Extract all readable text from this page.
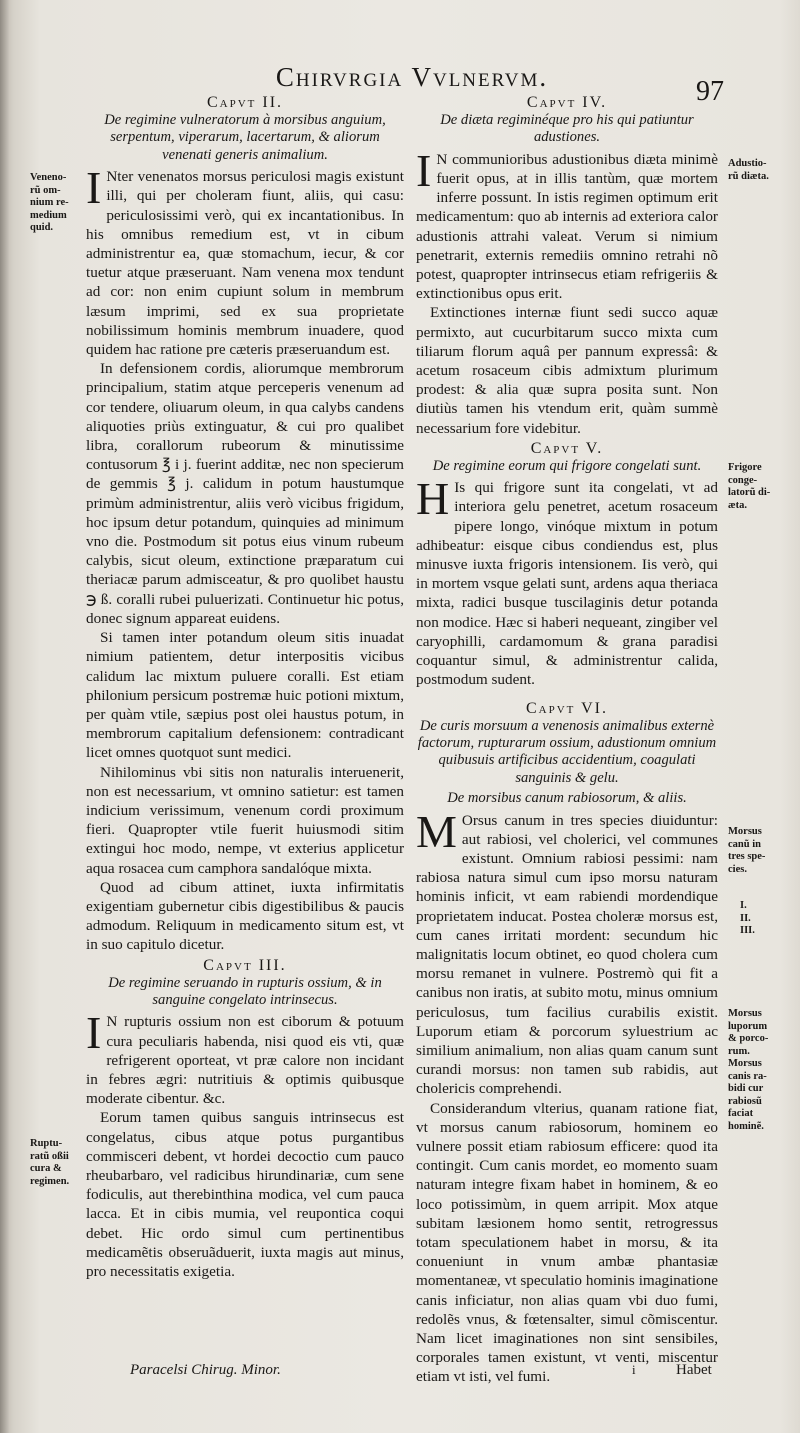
Chirvrgia Vvlnervm.	97

Capvt II.

De regimine vulneratorum à morsibus anguium, serpentum, viperarum, lacertarum, & aliorum venenati generis animalium.

I Nter venenatos morsus periculosi magis existunt illi, qui per choleram fiunt, aliis, qui casu: periculosissimi verò, qui ex incantationibus. In his omnibus remedium est, vt in cibum administrentur ea, quæ stomachum, iecur, & cor tuetur atque præseruant. Nam venena mox tendunt ad cor: non enim cupiunt solum in membrum læsum imprimi, sed ex sua proprietate nobilissimum hominis membrum inuadere, quod quidem hac ratione pre cæteris præseruandum est.

In defensionem cordis, aliorumque membrorum principalium, statim atque perceperis venenum ad cor tendere, oliuarum oleum, in qua calybs candens aliquoties priùs extinguatur, & cui pro qualibet libra, corallorum rubeorum & minutissime contusorum ℥ i j. fuerint additæ, nec non specierum de gemmis ℥ j. calidum in potum haustumque primùm administrentur, aliis verò vicibus frigidum, hoc ipsum detur potandum, quinquies ad minimum vno die. Postmodum sit potus eius vinum rubeum calybis, sicut oleum, extinctione præparatum cui theriacæ parum admisceatur, & pro quolibet haustu ℈ ß. coralli rubei puluerizati. Continuetur hic potus, donec signum appareat euidens.

Si tamen inter potandum oleum sitis inuadat nimium patientem, detur interpositis vicibus calidum lac mixtum puluere coralli. Est etiam philonium persicum postremæ huic potioni mixtum, per quàm vtile, sæpius post olei haustus potum, in membrorum capitalium defensionem: contradicant licet omnes quotquot sunt medici.

Nihilominus vbi sitis non naturalis interuenerit, non est necessarium, vt omnino satietur: est tamen indicium verissimum, venenum cordi proximum fieri. Quapropter vtile fuerit huiusmodi sitim extingui hoc modo, nempe, vt exterius applicetur aqua rosacea cum camphora sandalóque mixta.

Quod ad cibum attinet, iuxta infirmitatis exigentiam gubernetur cibis digestibilibus & paucis admodum. Reliquum in medicamento situm est, vt in suo capitulo dicetur.

Capvt III.

De regimine seruando in rupturis ossium, & in sanguine congelato intrinsecus.

I N rupturis ossium non est ciborum & potuum cura peculiaris habenda, nisi quod eis vti, quæ refrigerent oporteat, vt præ calore non incidant in febres ægri: nutritiuis & optimis quibusque moderate cibentur. &c.

Eorum tamen quibus sanguis intrinsecus est congelatus, cibus atque potus purgantibus commisceri debent, vt hordei decoctio cum pauco rheubarbaro, vel radicibus hirundinariæ, cum sene fodiculis, aut therebinthina modica, vel cum pauca lacca. Et in cibis mumia, vel reupontica coqui debet. Hic ordo simul cum pertinentibus medicamẽtis obseruãduerit, iuxta magis aut minus, pro necessitatis exigetia.

Capvt IV.

De diæta regiminéque pro his qui patiuntur adustiones.

I N communioribus adustionibus diæta minimè fuerit opus, at in illis tantùm, quæ mortem inferre possunt. In istis regimen optimum erit medicamentum: quo ab internis ad exteriora calor adustionis attrahi valeat. Verum si nimium penetrarit, externis remediis omnino retrahi nõ potest, quapropter intrinsecus etiam refrigeriis & extinctionibus opus erit.

Extinctiones internæ fiunt sedi succo aquæ permixto, aut cucurbitarum succo mixta cum tiliarum florum aquâ per pannum expressâ: & acetum rosaceum cibis admixtum plurimum prodest: & alia quæ supra posita sunt. Non diutiùs tamen his vtendum erit, quàm summè necessarium fore videbitur.

Capvt V.

De regimine eorum qui frigore congelati sunt.

H Is qui frigore sunt ita congelati, vt ad interiora gelu penetret, acetum rosaceum pipere longo, vinóque mixtum in potum adhibeatur: eisque cibus condiendus est, plus minusve iuxta frigoris intensionem. Iis verò, qui in mortem vsque gelati sunt, ardens aqua theriaca mixta, radici busque tuscilaginis detur potanda non modice. Hæc si haberi nequeant, zingiber vel caryophilli, cardamomum & grana paradisi coquantur simul, & administrentur calida, postmodum sudent.

Capvt VI.

De curis morsuum a venenosis animalibus externè factorum, rupturarum ossium, adustionum omnium quibusuis artificibus accidentium, coagulati sanguinis & gelu.

De morsibus canum rabiosorum, & aliis.

M Orsus canum in tres species diuiduntur: aut rabiosi, vel cholerici, vel communes existunt. Omnium rabiosi pessimi: nam rabiosa natura simul cum ipso morsu naturam hominis inficit, vt eam rabiendi mordendique proprietatem inducat. Postea choleræ morsus est, cum canes irritati mordent: secundum hic malignitatis locum obtinet, eo quod cholera cum morsu remanet in vulnere. Postremò qui fit a canibus non iratis, at subito motu, minus omnium periculosus, tum facilius curabilis existit. Luporum etiam & porcorum syluestrium ac similium animalium, non alias quam canum sunt curandi morsus: non tamen sub rabidis, aut cholericis comprehendi.

Considerandum vlterius, quanam ratione fiat, vt morsus canum rabiosorum, hominem eo vulnere possit etiam rabiosum efficere: quod ita contingit. Cum canis mordet, eo momento suam naturam integre fixam habet in hominem, & eo loco potissimùm, in quem arripit. Mox atque subitam læsionem homo sentit, retrogressus totam speculationem habet in morsu, & ita conueniunt in vnum ambæ phantasiæ momentaneæ, vt speculatio hominis imaginatione canis inficiatur, non alias quam vbi duo fumi, redolẽs vnus, & fœtensalter, simul cõmiscentur. Nam licet imaginationes non sint sensibiles, corporales tamen existunt, vt venti, miscentur etiam vt isti, vel fumi.

Veneno-
rũ om-
nium re-
medium
quid.
Ruptu-
ratũ oßii
cura &
regimen.
Adustio-
rũ diæta.
Frigore
conge-
latorũ di-
æta.
Morsus
canũ in
tres spe-
cies.
I.
II.
III.
Morsus
luporum
& porco-
rum.
Morsus
canis ra-
bidi cur
rabiosũ
faciat
hominẽ.
Paracelsi Chirug. Minor.	i	Habet
